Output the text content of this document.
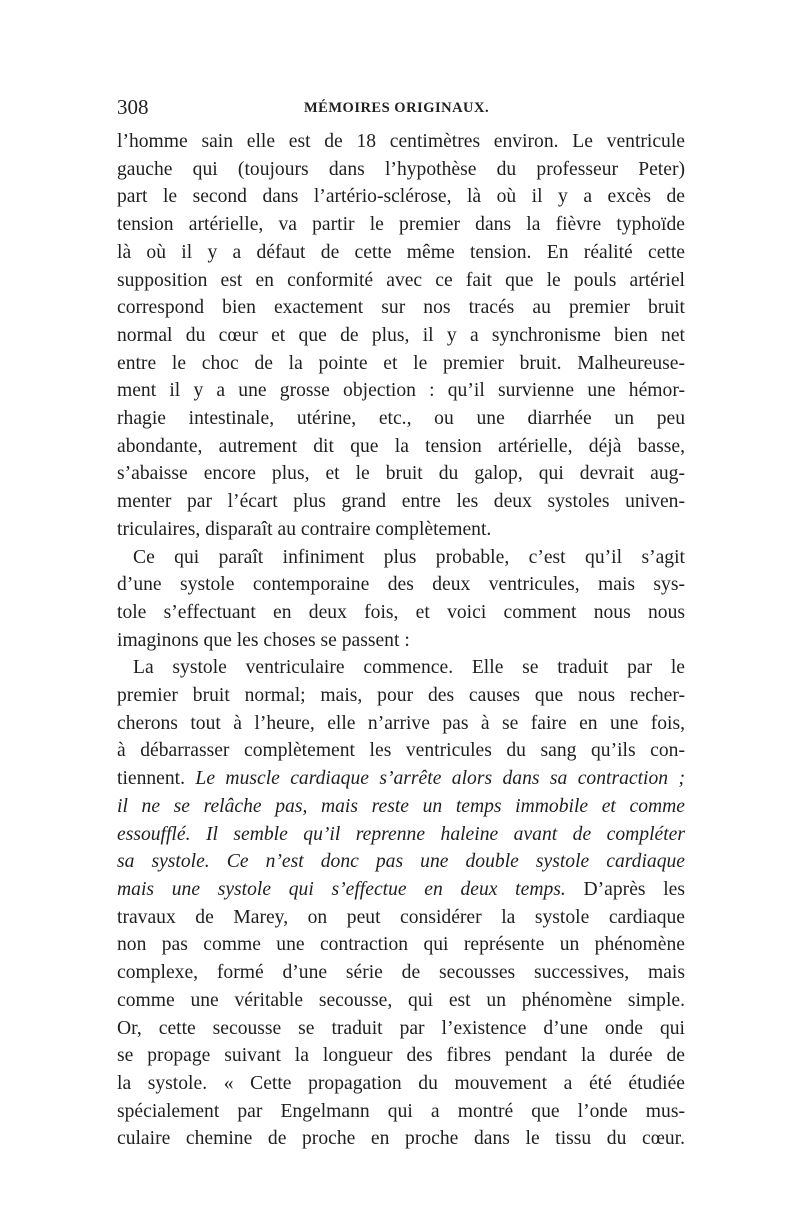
308	MÉMOIRES ORIGINAUX.
l’homme sain elle est de 18 centimètres environ. Le ventricule
gauche qui (toujours dans l’hypothèse du professeur Peter)
part le second dans l’artério-sclérose, là où il y a excès de
tension artérielle, va partir le premier dans la fièvre typhoïde
là où il y a défaut de cette même tension. En réalité cette
supposition est en conformité avec ce fait que le pouls artériel
correspond bien exactement sur nos tracés au premier bruit
normal du cœur et que de plus, il y a synchronisme bien net
entre le choc de la pointe et le premier bruit. Malheureuse-
ment il y a une grosse objection : qu’il survienne une hémor-
rhagie intestinale, utérine, etc., ou une diarrhée un peu
abondante, autrement dit que la tension artérielle, déjà basse,
s’abaisse encore plus, et le bruit du galop, qui devrait aug-
menter par l’écart plus grand entre les deux systoles univen-
triculaires, disparaît au contraire complètement.
Ce qui paraît infiniment plus probable, c’est qu’il s’agit
d’une systole contemporaine des deux ventricules, mais sys-
tole s’effectuant en deux fois, et voici comment nous nous
imaginons que les choses se passent :
La systole ventriculaire commence. Elle se traduit par le
premier bruit normal; mais, pour des causes que nous recher-
cherons tout à l’heure, elle n’arrive pas à se faire en une fois,
à débarrasser complètement les ventricules du sang qu’ils con-
tiennent. Le muscle cardiaque s’arrête alors dans sa contraction ;
il ne se relâche pas, mais reste un temps immobile et comme
essoufflé. Il semble qu’il reprenne haleine avant de compléter
sa systole. Ce n’est donc pas une double systole cardiaque
mais une systole qui s’effectue en deux temps. D’après les
travaux de Marey, on peut considérer la systole cardiaque
non pas comme une contraction qui représente un phénomène
complexe, formé d’une série de secousses successives, mais
comme une véritable secousse, qui est un phénomène simple.
Or, cette secousse se traduit par l’existence d’une onde qui
se propage suivant la longueur des fibres pendant la durée de
la systole. « Cette propagation du mouvement a été étudiée
spécialement par Engelmann qui a montré que l’onde mus-
culaire chemine de proche en proche dans le tissu du cœur.
